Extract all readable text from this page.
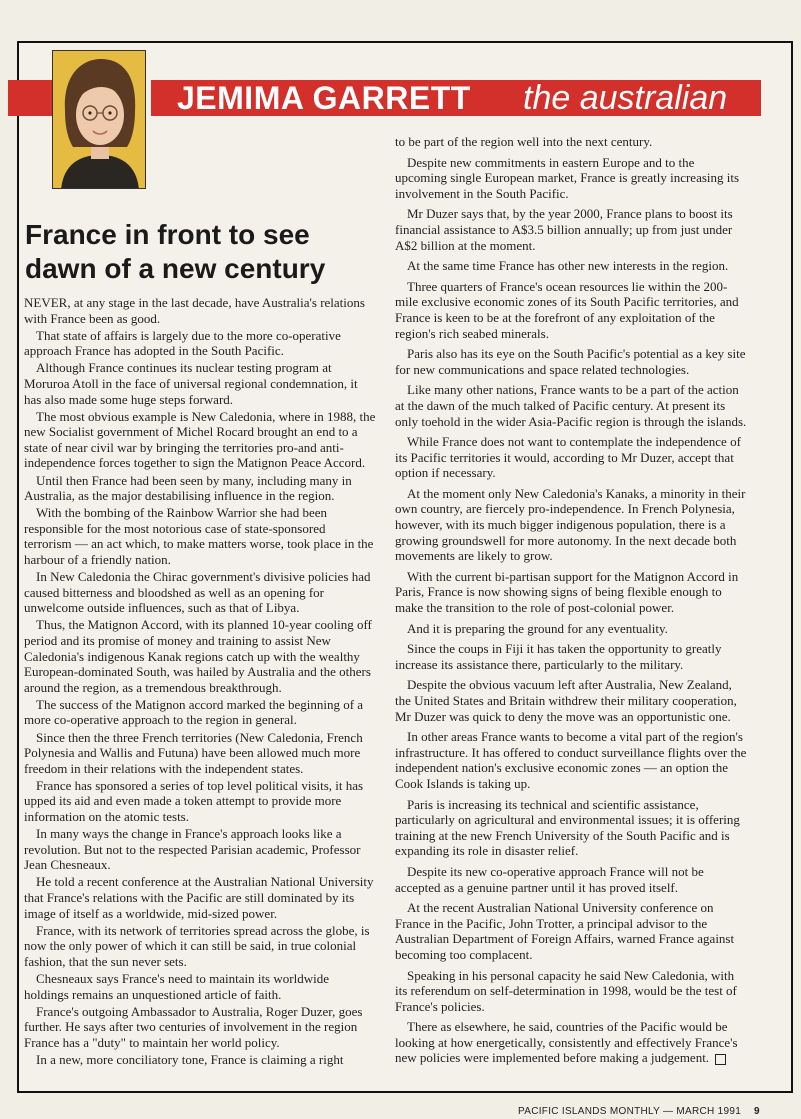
JEMIMA GARRETT	the australian
France in front to see dawn of a new century

NEVER, at any stage in the last decade, have Australia's relations with France been as good.

That state of affairs is largely due to the more co-operative approach France has adopted in the South Pacific.

Although France continues its nuclear testing program at Moruroa Atoll in the face of universal regional condemnation, it has also made some huge steps forward.

The most obvious example is New Caledonia, where in 1988, the new Socialist government of Michel Rocard brought an end to a state of near civil war by bringing the territories pro-and anti-independence forces together to sign the Matignon Peace Accord.

Until then France had been seen by many, including many in Australia, as the major destabilising influence in the region.

With the bombing of the Rainbow Warrior she had been responsible for the most notorious case of state-sponsored terrorism — an act which, to make matters worse, took place in the harbour of a friendly nation.

In New Caledonia the Chirac government's divisive policies had caused bitterness and bloodshed as well as an opening for unwelcome outside influences, such as that of Libya.

Thus, the Matignon Accord, with its planned 10-year cooling off period and its promise of money and training to assist New Caledonia's indigenous Kanak regions catch up with the wealthy European-dominated South, was hailed by Australia and the others around the region, as a tremendous breakthrough.

The success of the Matignon accord marked the beginning of a more co-operative approach to the region in general.

Since then the three French territories (New Caledonia, French Polynesia and Wallis and Futuna) have been allowed much more freedom in their relations with the independent states.

France has sponsored a series of top level political visits, it has upped its aid and even made a token attempt to provide more information on the atomic tests.

In many ways the change in France's approach looks like a revolution. But not to the respected Parisian academic, Professor Jean Chesneaux.

He told a recent conference at the Australian National University that France's relations with the Pacific are still dominated by its image of itself as a worldwide, mid-sized power.

France, with its network of territories spread across the globe, is now the only power of which it can still be said, in true colonial fashion, that the sun never sets.

Chesneaux says France's need to maintain its worldwide holdings remains an unquestioned article of faith.

France's outgoing Ambassador to Australia, Roger Duzer, goes further. He says after two centuries of involvement in the region France has a "duty" to maintain her world policy.

In a new, more conciliatory tone, France is claiming a right

to be part of the region well into the next century.

Despite new commitments in eastern Europe and to the upcoming single European market, France is greatly increasing its involvement in the South Pacific.

Mr Duzer says that, by the year 2000, France plans to boost its financial assistance to A$3.5 billion annually; up from just under A$2 billion at the moment.

At the same time France has other new interests in the region.

Three quarters of France's ocean resources lie within the 200-mile exclusive economic zones of its South Pacific territories, and France is keen to be at the forefront of any exploitation of the region's rich seabed minerals.

Paris also has its eye on the South Pacific's potential as a key site for new communications and space related technologies.

Like many other nations, France wants to be a part of the action at the dawn of the much talked of Pacific century. At present its only toehold in the wider Asia-Pacific region is through the islands.

While France does not want to contemplate the independence of its Pacific territories it would, according to Mr Duzer, accept that option if necessary.

At the moment only New Caledonia's Kanaks, a minority in their own country, are fiercely pro-independence. In French Polynesia, however, with its much bigger indigenous population, there is a growing groundswell for more autonomy. In the next decade both movements are likely to grow.

With the current bi-partisan support for the Matignon Accord in Paris, France is now showing signs of being flexible enough to make the transition to the role of post-colonial power.

And it is preparing the ground for any eventuality.

Since the coups in Fiji it has taken the opportunity to greatly increase its assistance there, particularly to the military.

Despite the obvious vacuum left after Australia, New Zealand, the United States and Britain withdrew their military cooperation, Mr Duzer was quick to deny the move was an opportunistic one.

In other areas France wants to become a vital part of the region's infrastructure. It has offered to conduct surveillance flights over the independent nation's exclusive economic zones — an option the Cook Islands is taking up.

Paris is increasing its technical and scientific assistance, particularly on agricultural and environmental issues; it is offering training at the new French University of the South Pacific and is expanding its role in disaster relief.

Despite its new co-operative approach France will not be accepted as a genuine partner until it has proved itself.

At the recent Australian National University conference on France in the Pacific, John Trotter, a principal advisor to the Australian Department of Foreign Affairs, warned France against becoming too complacent.

Speaking in his personal capacity he said New Caledonia, with its referendum on self-determination in 1998, would be the test of France's policies.

There as elsewhere, he said, countries of the Pacific would be looking at how energetically, consistently and effectively France's new policies were implemented before making a judgement.

PACIFIC ISLANDS MONTHLY — MARCH 1991 9
